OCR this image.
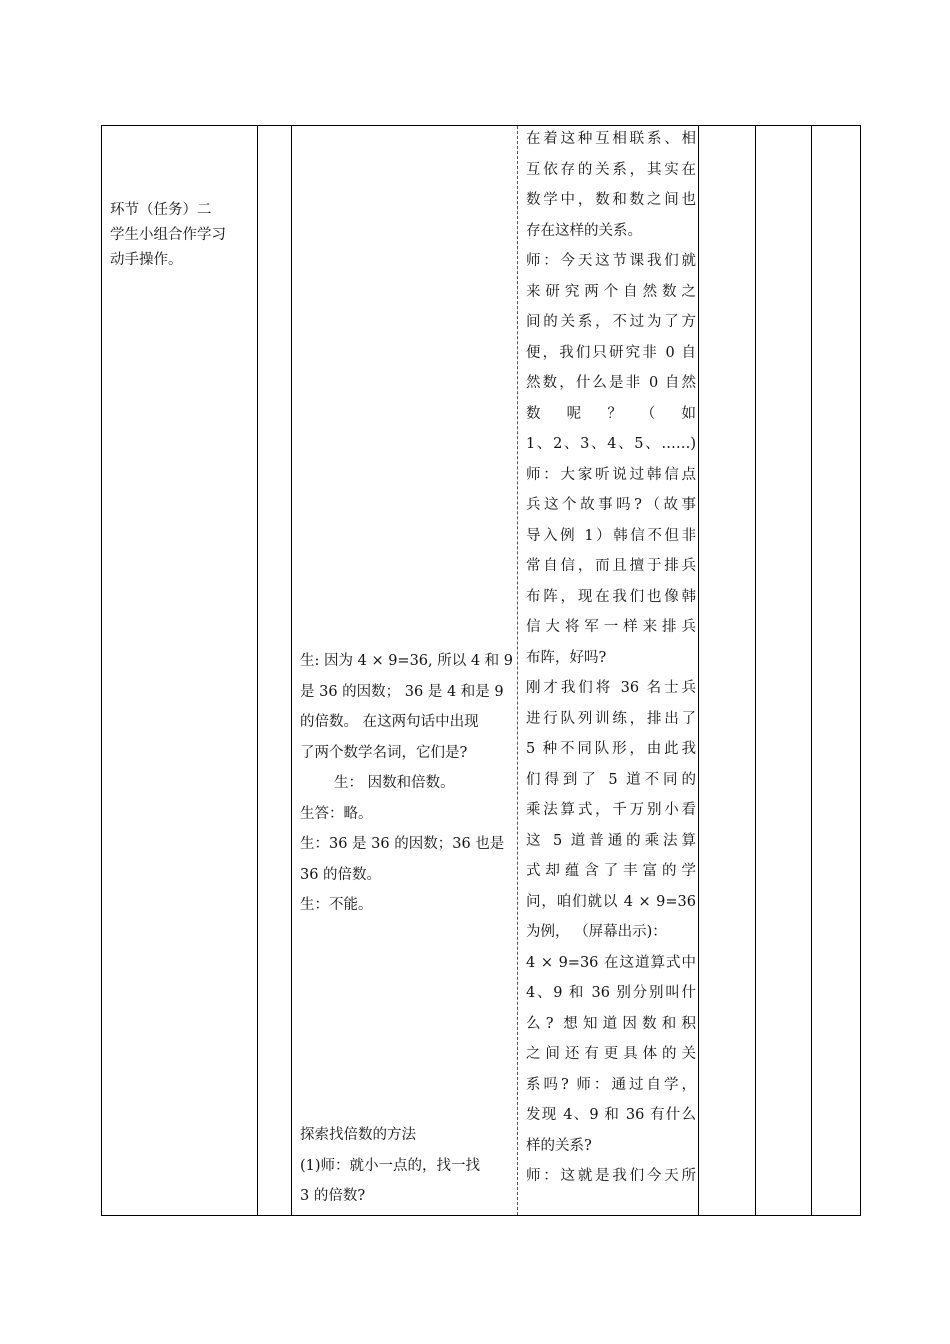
环节（任务）二
学生小组合作学习
动手操作。
生: 因为 4 × 9=36, 所以 4 和 9
是 36 的因数； 36 是 4 和是 9
的倍数。 在这两句话中出现
了两个数学名词，它们是?
生： 因数和倍数。
生答：略。
生：36 是 36 的因数；36 也是
36 的倍数。
生：不能。
探索找倍数的方法
(1)师：就小一点的，找一找
3 的倍数?
在着这种互相联系、相
互依存的关系，其实在
数学中，数和数之间也
存在这样的关系。
师：今天这节课我们就
来研究两个自然数之
间的关系，不过为了方
便，我们只研究非 0 自
然数，什么是非 0 自然
数　呢　？　（　如
1、2、3、4、5、……)
师：大家听说过韩信点
兵这个故事吗?（故事
导入例 1）韩信不但非
常自信，而且擅于排兵
布阵，现在我们也像韩
信大将军一样来排兵
布阵，好吗?
刚才我们将 36 名士兵
进行队列训练，排出了
5 种不同队形，由此我
们得到了 5 道不同的
乘法算式，千万别小看
这 5 道普通的乘法算
式却蕴含了丰富的学
问，咱们就以 4 × 9=36
为例， （屏幕出示)：
4 × 9=36 在这道算式中
4、9 和 36 别分别叫什
么? 想知道因数和积
之间还有更具体的关
系吗? 师：通过自学，
发现 4、9 和 36 有什么
样的关系?
师：这就是我们今天所
